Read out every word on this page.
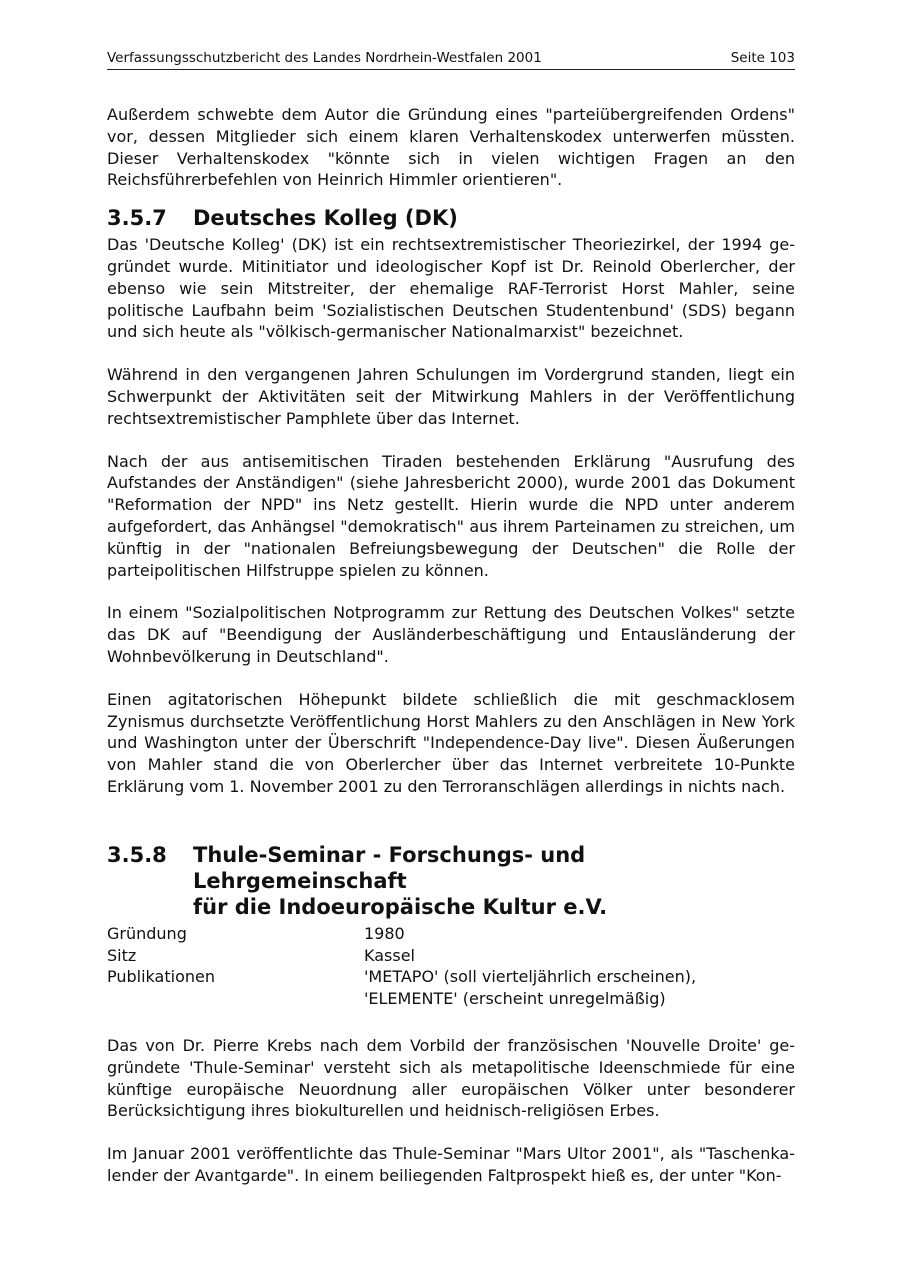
Verfassungsschutzbericht des Landes Nordrhein-Westfalen 2001	Seite 103

Außerdem schwebte dem Autor die Gründung eines "parteiübergreifenden Ordens" vor, dessen Mitglieder sich einem klaren Verhaltenskodex unterwerfen müssten. Dieser Verhaltenskodex "könnte sich in vielen wichtigen Fragen an den Reichsführerbefehlen von Heinrich Himmler orientieren".

3.5.7	Deutsches Kolleg (DK)

Das 'Deutsche Kolleg' (DK) ist ein rechtsextremistischer Theoriezirkel, der 1994 gegründet wurde. Mitinitiator und ideologischer Kopf ist Dr. Reinold Oberlercher, der ebenso wie sein Mitstreiter, der ehemalige RAF-Terrorist Horst Mahler, seine politische Laufbahn beim 'Sozialistischen Deutschen Studentenbund' (SDS) begann und sich heute als "völkisch-germanischer Nationalmarxist" bezeichnet.

Während in den vergangenen Jahren Schulungen im Vordergrund standen, liegt ein Schwerpunkt der Aktivitäten seit der Mitwirkung Mahlers in der Veröffentlichung rechtsextremistischer Pamphlete über das Internet.

Nach der aus antisemitischen Tiraden bestehenden Erklärung "Ausrufung des Aufstandes der Anständigen" (siehe Jahresbericht 2000), wurde 2001 das Dokument "Reformation der NPD" ins Netz gestellt. Hierin wurde die NPD unter anderem aufgefordert, das Anhängsel "demokratisch" aus ihrem Parteinamen zu streichen, um künftig in der "nationalen Befreiungsbewegung der Deutschen" die Rolle der parteipolitischen Hilfstruppe spielen zu können.

In einem "Sozialpolitischen Notprogramm zur Rettung des Deutschen Volkes" setzte das DK auf "Beendigung der Ausländerbeschäftigung und Entausländerung der Wohnbevölkerung in Deutschland".

Einen agitatorischen Höhepunkt bildete schließlich die mit geschmacklosem Zynismus durchsetzte Veröffentlichung Horst Mahlers zu den Anschlägen in New York und Washington unter der Überschrift "Independence-Day live". Diesen Äußerungen von Mahler stand die von Oberlercher über das Internet verbreitete 10-Punkte Erklärung vom 1. November 2001 zu den Terroranschlägen allerdings in nichts nach.

3.5.8	Thule-Seminar - Forschungs- und Lehrgemeinschaft
für die Indoeuropäische Kultur e.V.
Gründung	1980
Sitz	Kassel
Publikationen	'METAPO' (soll vierteljährlich erscheinen),
'ELEMENTE' (erscheint unregelmäßig)

Das von Dr. Pierre Krebs nach dem Vorbild der französischen 'Nouvelle Droite' gegründete 'Thule-Seminar' versteht sich als metapolitische Ideenschmiede für eine künftige europäische Neuordnung aller europäischen Völker unter besonderer Berücksichtigung ihres biokulturellen und heidnisch-religiösen Erbes.

Im Januar 2001 veröffentlichte das Thule-Seminar "Mars Ultor 2001", als "Taschenkalender der Avantgarde". In einem beiliegenden Faltprospekt hieß es, der unter "Kon-
